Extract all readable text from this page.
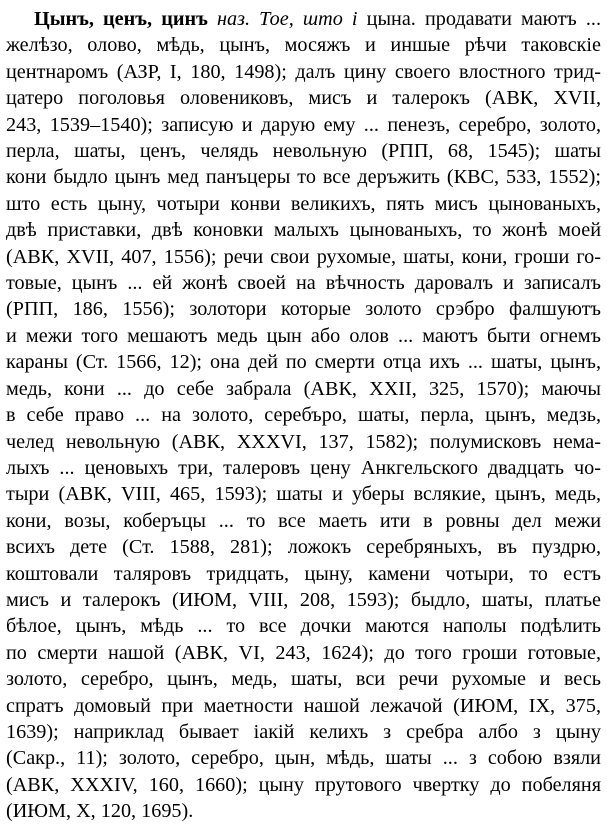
Цынъ, ценъ, цинъ наз. Тое, што і цына. продавати маютъ ...
желѣзо, олово, мѣдь, цынъ, мосяжъ и иншые рѣчи таковскіе
центнаромъ (АЗР, I, 180, 1498); далъ цину своего влостного трид-
цатеро поголовья оловениковъ, мисъ и талерокъ (АВК, XVII,
243, 1539–1540); записую и дарую ему ... пенезъ, серебро, золото,
перла, шаты, ценъ, челядь невольную (РПП, 68, 1545); шаты
кони быдло цынъ мед панъцеры то все деръжить (КВС, 533, 1552);
што есть цыну, чотыри конви великихъ, пять мисъ цынованыхъ,
двѣ приставки, двѣ коновки малыхъ цынованыхъ, то жонѣ моей
(АВК, XVII, 407, 1556); речи свои рухомые, шаты, кони, гроши го-
товые, цынъ ... ей жонѣ своей на вѣчность даровалъ и записалъ
(РПП, 186, 1556); золотори которые золото срэбро фалшуютъ
и межи того мешаютъ медь цын або олов ... маютъ быти огнемъ
караны (Ст. 1566, 12); она дей по смерти отца ихъ ... шаты, цынъ,
медь, кони ... до себе забрала (АВК, XXII, 325, 1570); маючы
в себе право ... на золото, серебъро, шаты, перла, цынъ, медзь,
челед невольную (АВК, XXXVI, 137, 1582); полумисковъ нема-
лыхъ ... ценовыхъ три, талеровъ цену Анкгельского двадцать чо-
тыри (АВК, VIII, 465, 1593); шаты и уберы вслякие, цынъ, медь,
кони, возы, коберъцы ... то все маеть ити в ровны дел межи
всихъ дете (Ст. 1588, 281); ложокъ серебряныхъ, въ пуздрю,
коштовали таляровъ тридцать, цыну, камени чотыри, то естъ
мисъ и талерокъ (ИЮМ, VIII, 208, 1593); быдло, шаты, платье
бѣлое, цынъ, мѣдь ... то все дочки маются наполы подѣлить
по смерти нашой (АВК, VI, 243, 1624); до того гроши готовые,
золото, серебро, цынъ, медь, шаты, вси речи рухомые и весь
спратъ домовый при маетности нашой лежачой (ИЮМ, IX, 375,
1639); наприклад бывает іакій келихъ з сребра албо з цыну
(Сакр., 11); золото, серебро, цын, мѣдь, шаты ... з собою взяли
(АВК, XXXIV, 160, 1660); цыну прутового чвертку до побеляня
(ИЮМ, X, 120, 1695).
